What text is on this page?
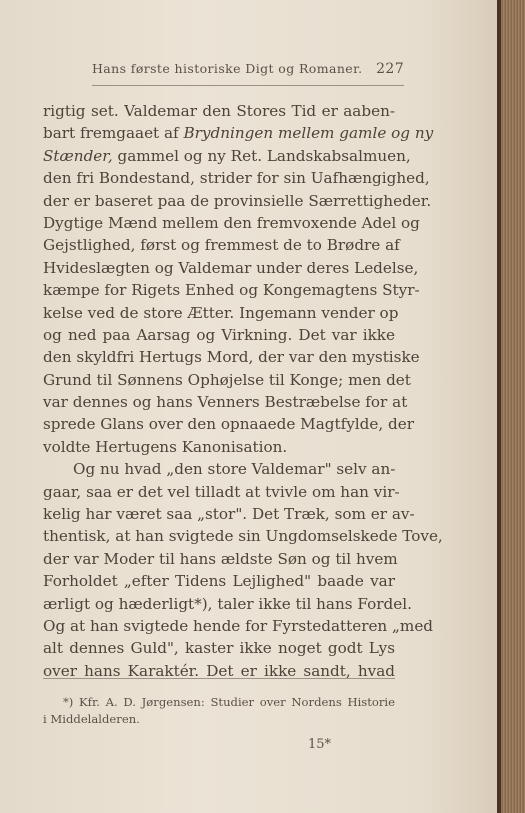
Hans første historiske Digt og Romaner. 227
rigtig set. Valdemar den Stores Tid er aaben-
bart fremgaaet af Brydningen mellem gamle og ny
Stænder, gammel og ny Ret. Landskabsalmuen,
den fri Bondestand, strider for sin Uafhængighed,
der er baseret paa de provinsielle Særrettigheder.
Dygtige Mænd mellem den fremvoxende Adel og
Gejstlighed, først og fremmest de to Brødre af
Hvideslægten og Valdemar under deres Ledelse,
kæmpe for Rigets Enhed og Kongemagtens Styr-
kelse ved de store Ætter. Ingemann vender op
og ned paa Aarsag og Virkning. Det var ikke
den skyldfri Hertugs Mord, der var den mystiske
Grund til Sønnens Ophøjelse til Konge; men det
var dennes og hans Venners Bestræbelse for at
sprede Glans over den opnaaede Magtfylde, der
voldte Hertugens Kanonisation.
Og nu hvad „den store Valdemar" selv an-
gaar, saa er det vel tilladt at tvivle om han vir-
kelig har været saa „stor". Det Træk, som er av-
thentisk, at han svigtede sin Ungdomselskede Tove,
der var Moder til hans ældste Søn og til hvem
Forholdet „efter Tidens Lejlighed" baade var
ærligt og hæderligt*), taler ikke til hans Fordel.
Og at han svigtede hende for Fyrstedatteren „med
alt dennes Guld", kaster ikke noget godt Lys
over hans Karaktér. Det er ikke sandt, hvad
*) Kfr. A. D. Jørgensen: Studier over Nordens Historie
i Middelalderen.
15*
